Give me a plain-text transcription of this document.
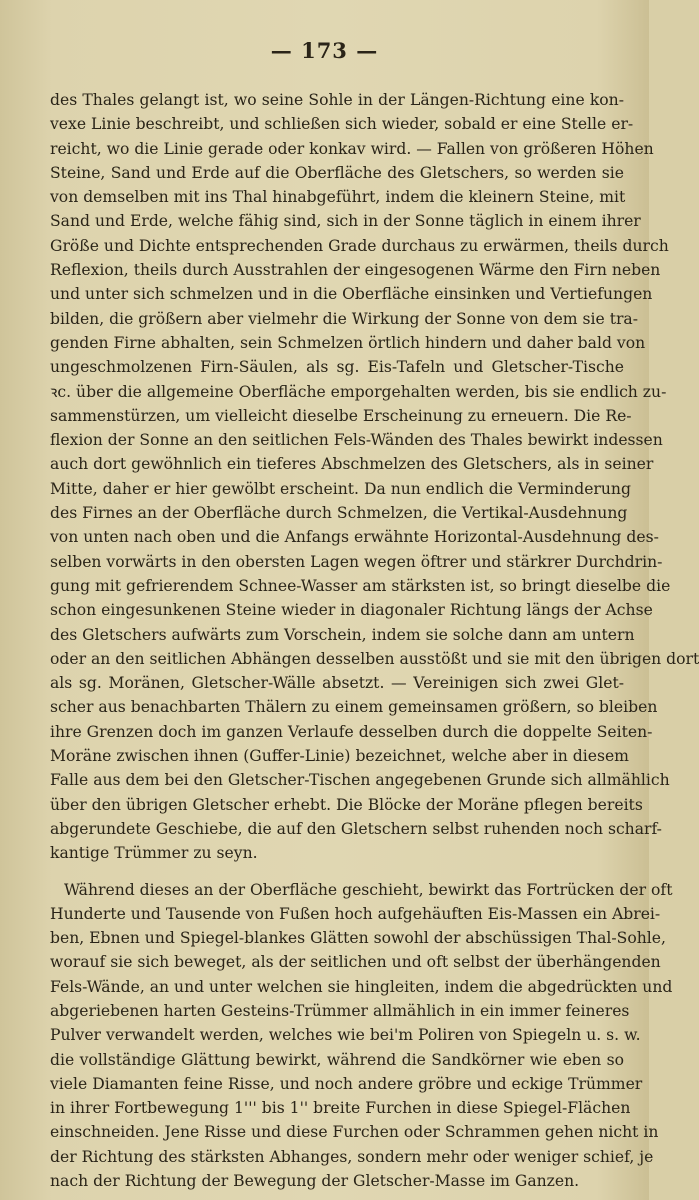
— 173 —
des Thales gelangt ist, wo seine Sohle in der Längen-Richtung eine kon-
vexe Linie beschreibt, und schließen sich wieder, sobald er eine Stelle er-
reicht, wo die Linie gerade oder konkav wird. — Fallen von größeren Höhen
Steine, Sand und Erde auf die Oberfläche des Gletschers, so werden sie
von demselben mit ins Thal hinabgeführt, indem die kleinern Steine, mit
Sand und Erde, welche fähig sind, sich in der Sonne täglich in einem ihrer
Größe und Dichte entsprechenden Grade durchaus zu erwärmen, theils durch
Reflexion, theils durch Ausstrahlen der eingesogenen Wärme den Firn neben
und unter sich schmelzen und in die Oberfläche einsinken und Vertiefungen
bilden, die größern aber vielmehr die Wirkung der Sonne von dem sie tra-
genden Firne abhalten, sein Schmelzen örtlich hindern und daher bald von
ungeschmolzenen Firn-Säulen, als sg. Eis-Tafeln und Gletscher-Tische
ꝛc. über die allgemeine Oberfläche emporgehalten werden, bis sie endlich zu-
sammenstürzen, um vielleicht dieselbe Erscheinung zu erneuern. Die Re-
flexion der Sonne an den seitlichen Fels-Wänden des Thales bewirkt indessen
auch dort gewöhnlich ein tieferes Abschmelzen des Gletschers, als in seiner
Mitte, daher er hier gewölbt erscheint. Da nun endlich die Verminderung
des Firnes an der Oberfläche durch Schmelzen, die Vertikal-Ausdehnung
von unten nach oben und die Anfangs erwähnte Horizontal-Ausdehnung des-
selben vorwärts in den obersten Lagen wegen öftrer und stärkrer Durchdrin-
gung mit gefrierendem Schnee-Wasser am stärksten ist, so bringt dieselbe die
schon eingesunkenen Steine wieder in diagonaler Richtung längs der Achse
des Gletschers aufwärts zum Vorschein, indem sie solche dann am untern
oder an den seitlichen Abhängen desselben ausstößt und sie mit den übrigen dort
als sg. Moränen, Gletscher-Wälle absetzt. — Vereinigen sich zwei Glet-
scher aus benachbarten Thälern zu einem gemeinsamen größern, so bleiben
ihre Grenzen doch im ganzen Verlaufe desselben durch die doppelte Seiten-
Moräne zwischen ihnen (Guffer-Linie) bezeichnet, welche aber in diesem
Falle aus dem bei den Gletscher-Tischen angegebenen Grunde sich allmählich
über den übrigen Gletscher erhebt. Die Blöcke der Moräne pflegen bereits
abgerundete Geschiebe, die auf den Gletschern selbst ruhenden noch scharf-
kantige Trümmer zu seyn.
Während dieses an der Oberfläche geschieht, bewirkt das Fortrücken der oft
Hunderte und Tausende von Fußen hoch aufgehäuften Eis-Massen ein Abrei-
ben, Ebnen und Spiegel-blankes Glätten sowohl der abschüssigen Thal-Sohle,
worauf sie sich beweget, als der seitlichen und oft selbst der überhängenden
Fels-Wände, an und unter welchen sie hingleiten, indem die abgedrückten und
abgeriebenen harten Gesteins-Trümmer allmählich in ein immer feineres
Pulver verwandelt werden, welches wie bei'm Poliren von Spiegeln u. s. w.
die vollständige Glättung bewirkt, während die Sandkörner wie eben so
viele Diamanten feine Risse, und noch andere gröbre und eckige Trümmer
in ihrer Fortbewegung 1''' bis 1'' breite Furchen in diese Spiegel-Flächen
einschneiden. Jene Risse und diese Furchen oder Schrammen gehen nicht in
der Richtung des stärksten Abhanges, sondern mehr oder weniger schief, je
nach der Richtung der Bewegung der Gletscher-Masse im Ganzen.
